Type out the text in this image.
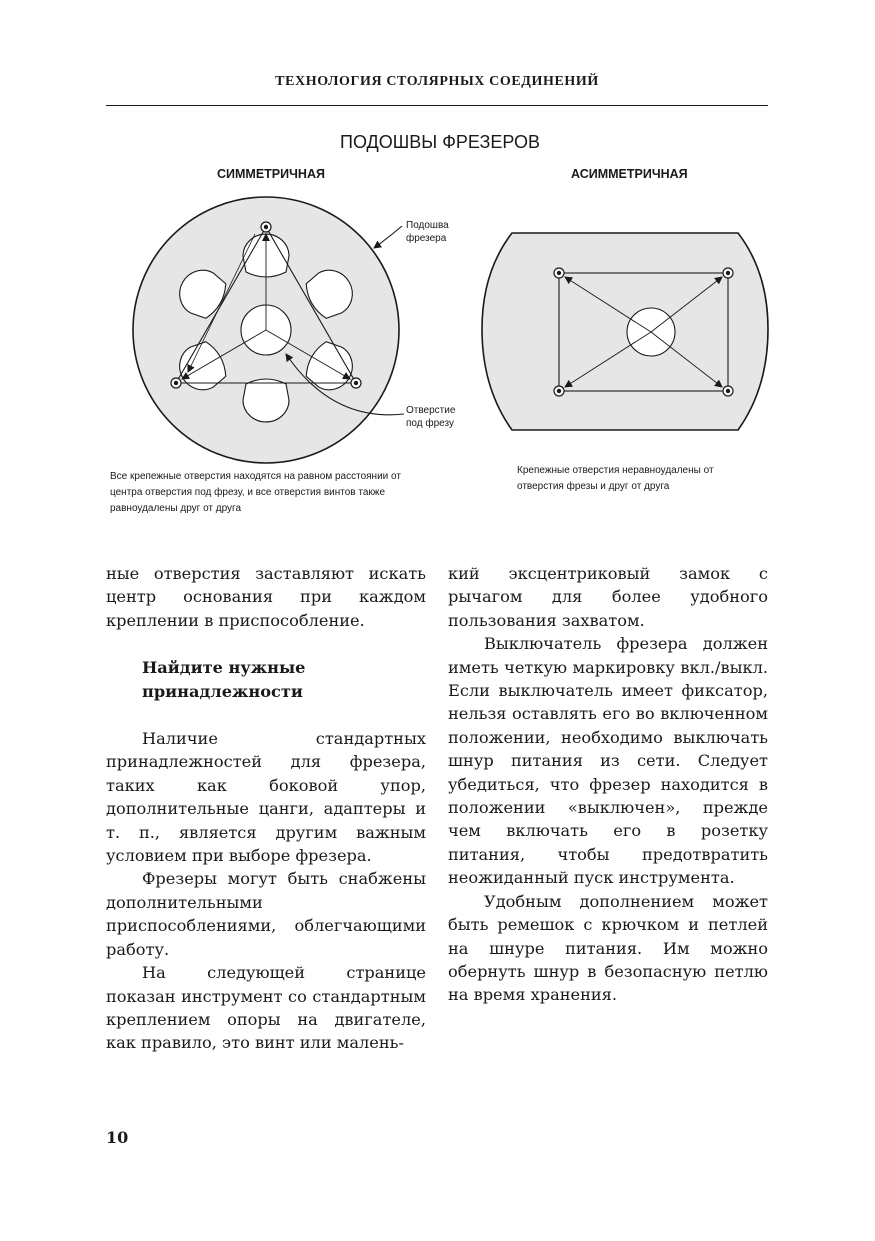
ТЕХНОЛОГИЯ СТОЛЯРНЫХ СОЕДИНЕНИЙ
ПОДОШВЫ ФРЕЗЕРОВ
СИММЕТРИЧНАЯ	АСИММЕТРИЧНАЯ
Подошва
фрезера
Отверстие
под фрезу
Все крепежные отверстия находятся на равном расстоянии от
центра отверстия под фрезу, и все отверстия винтов также
равноудалены друг от друга
Крепежные отверстия неравноудалены от
отверстия фрезы и друг от друга

ные отверстия заставляют искать центр основания при каждом креплении в приспособление.

Найдите нужные
принадлежности

Наличие стандартных принадлежностей для фрезера, таких как боковой упор, дополнительные цанги, адаптеры и т. п., является другим важным условием при выборе фрезера.

Фрезеры могут быть снабжены дополнительными приспособлениями, облегчающими работу.

На следующей странице показан инструмент со стандартным креплением опоры на двигателе, как правило, это винт или малень-

кий эксцентриковый замок с рычагом для более удобного пользования захватом.

Выключатель фрезера должен иметь четкую маркировку вкл./выкл. Если выключатель имеет фиксатор, нельзя оставлять его во включенном положении, необходимо выключать шнур питания из сети. Следует убедиться, что фрезер находится в положении «выключен», прежде чем включать его в розетку питания, чтобы предотвратить неожиданный пуск инструмента.

Удобным дополнением может быть ремешок с крючком и петлей на шнуре питания. Им можно обернуть шнур в безопасную петлю на время хранения.

10
